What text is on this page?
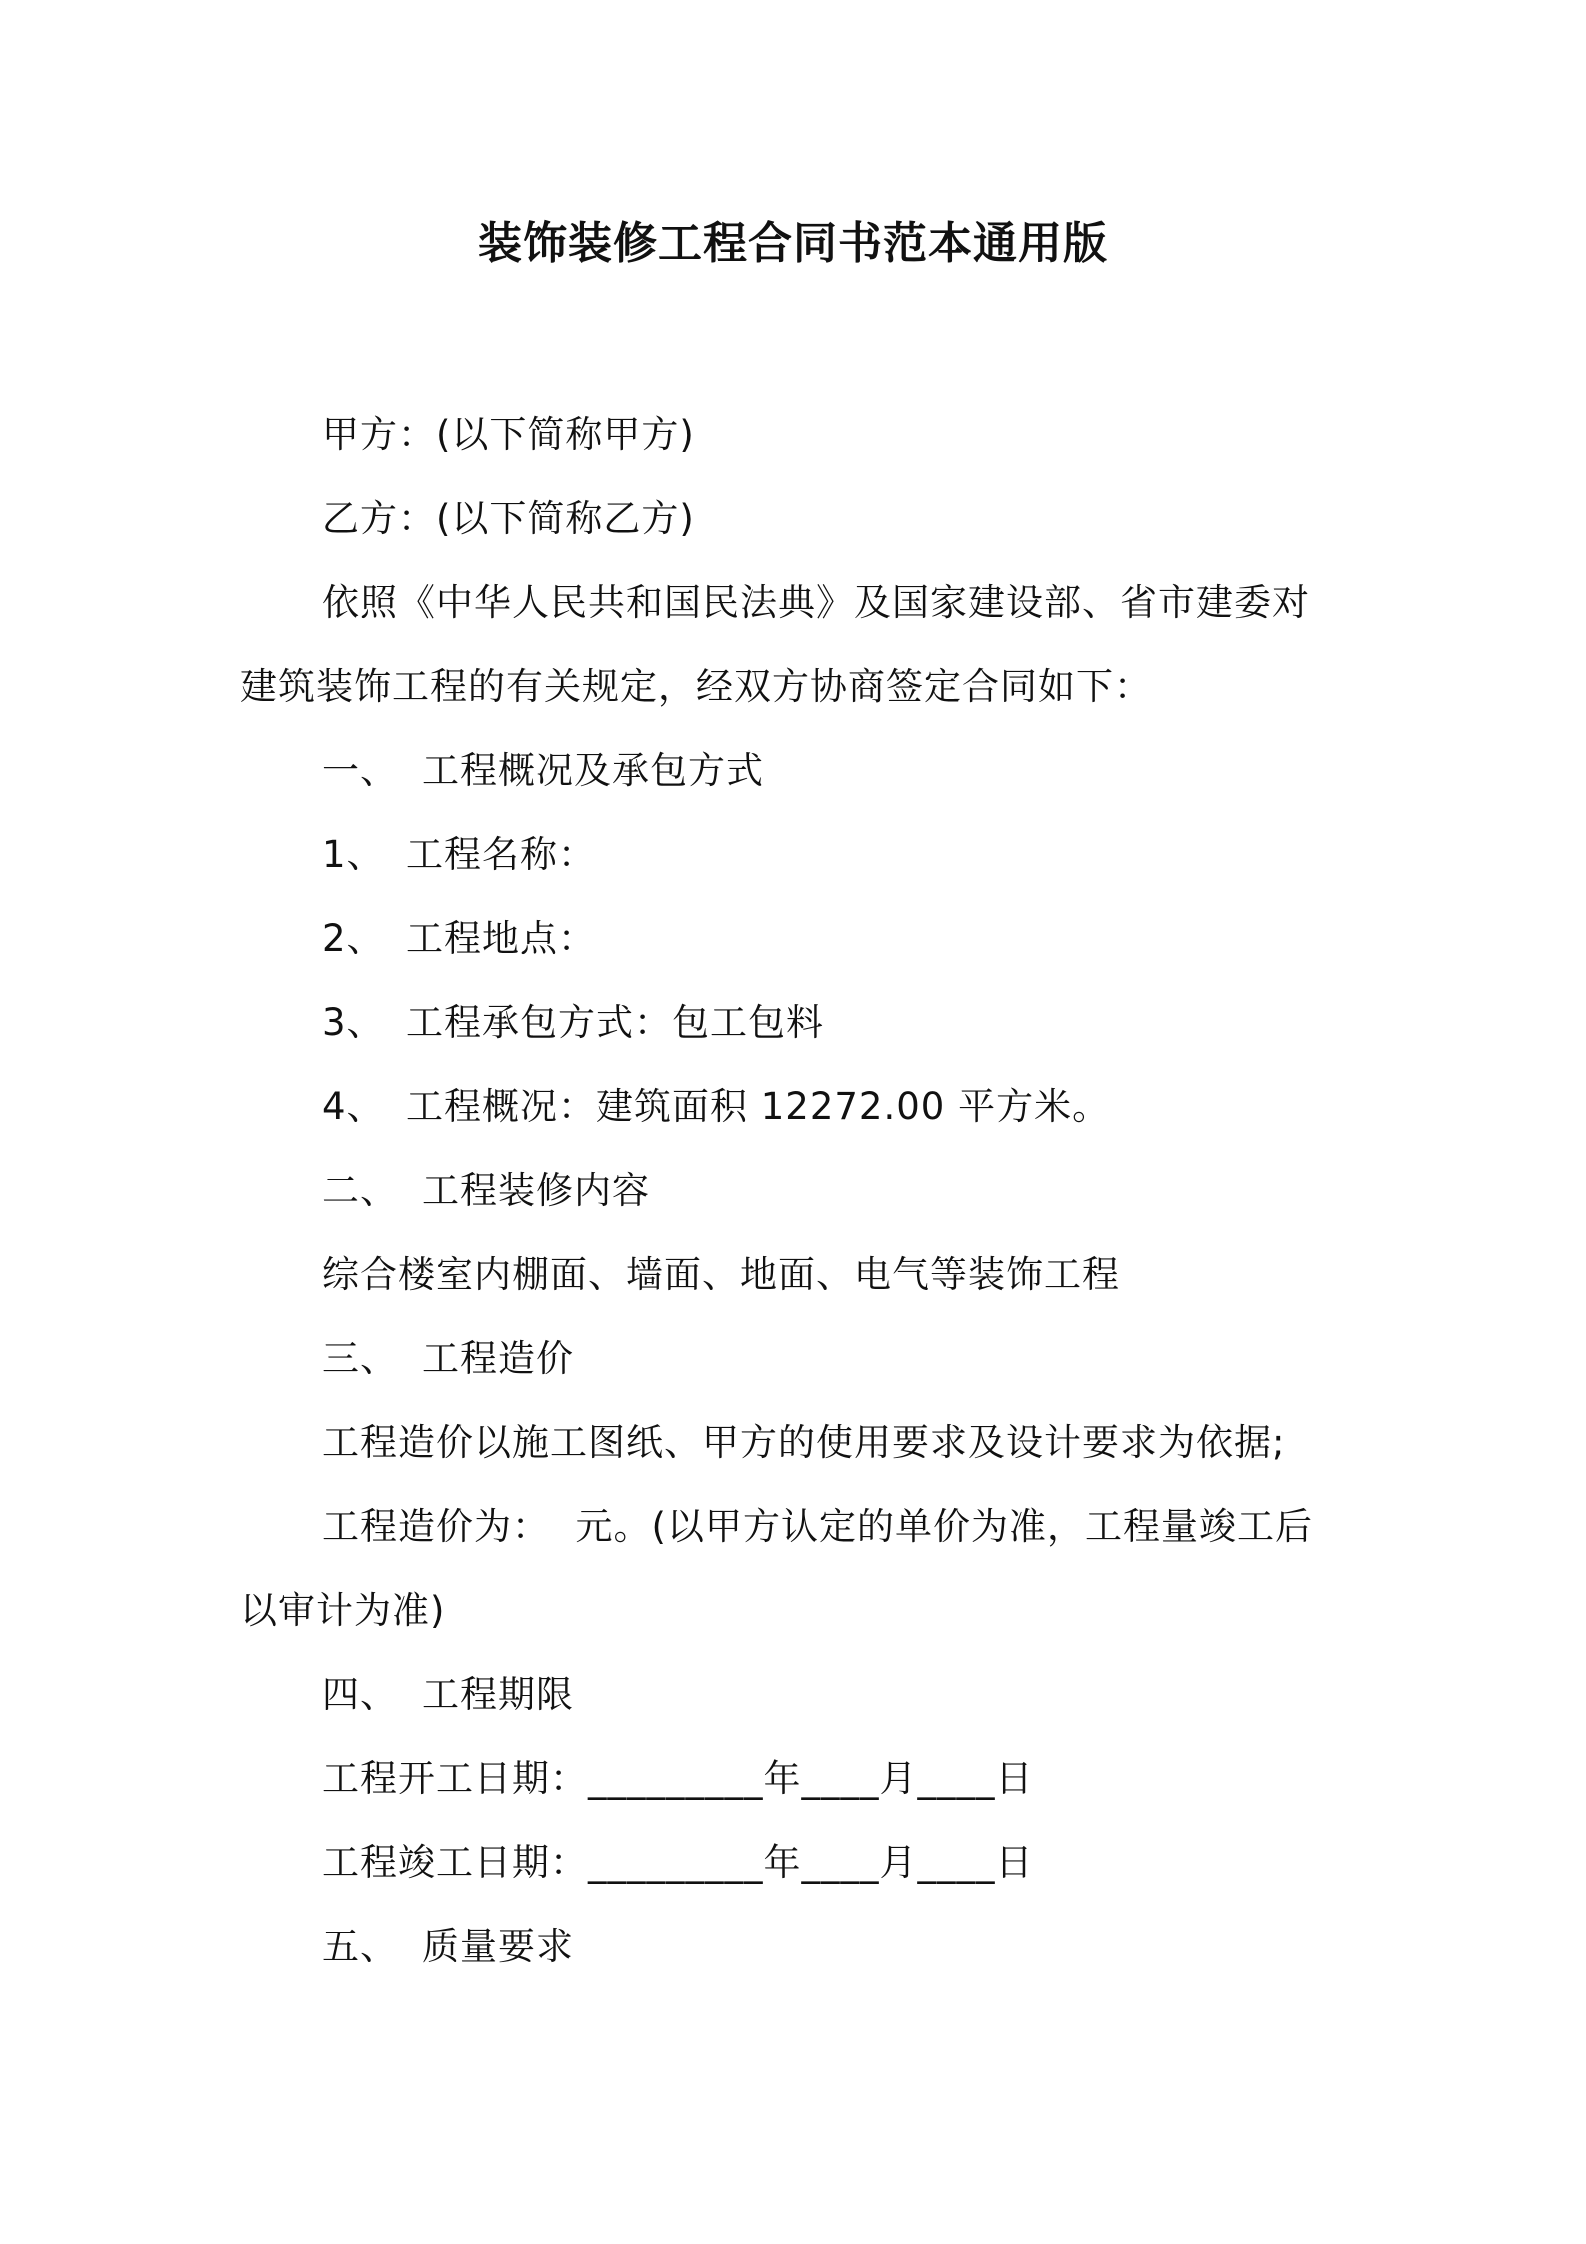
装饰装修工程合同书范本通用版
甲方：(以下简称甲方)
乙方：(以下简称乙方)
依照《中华人民共和国民法典》及国家建设部、省市建委对
建筑装饰工程的有关规定，经双方协商签定合同如下：
一、 工程概况及承包方式
1、 工程名称：
2、 工程地点：
3、 工程承包方式：包工包料
4、 工程概况：建筑面积 12272.00 平方米。
二、 工程装修内容
综合楼室内棚面、墙面、地面、电气等装饰工程
三、 工程造价
工程造价以施工图纸、甲方的使用要求及设计要求为依据;
工程造价为：  元。(以甲方认定的单价为准，工程量竣工后
以审计为准)
四、 工程期限
工程开工日期：_________年____月____日
工程竣工日期：_________年____月____日
五、 质量要求
